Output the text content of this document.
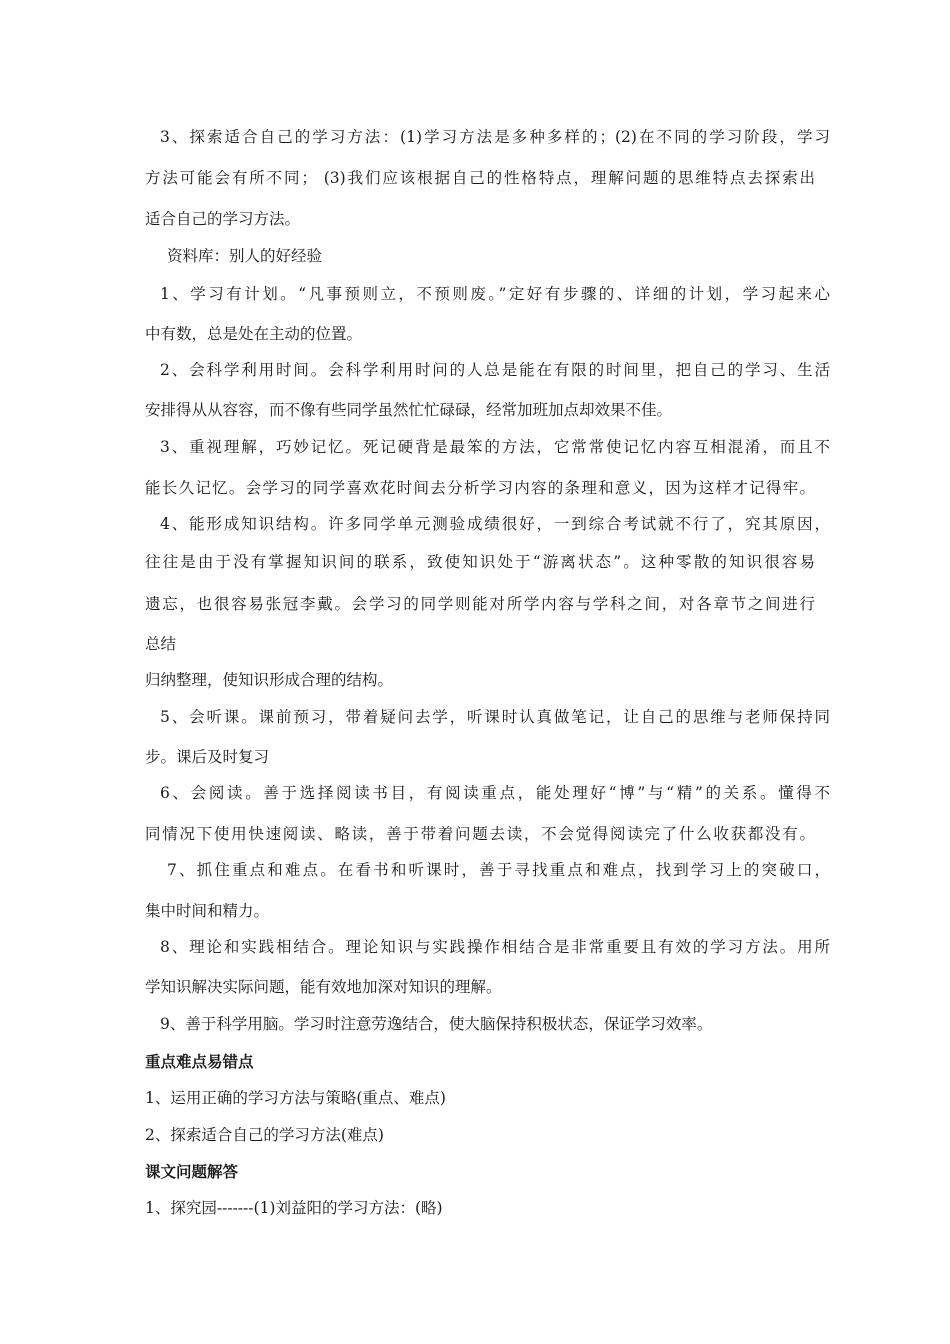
3、探索适合自己的学习方法：(1)学习方法是多种多样的；(2)在不同的学习阶段，学习

方法可能会有所不同； (3)我们应该根据自己的性格特点，理解问题的思维特点去探索出

适合自己的学习方法。

资料库：别人的好经验

1、学习有计划。“凡事预则立，不预则废。”定好有步骤的、详细的计划，学习起来心

中有数，总是处在主动的位置。

2、会科学利用时间。会科学利用时问的人总是能在有限的时间里，把自己的学习、生活

安排得从从容容，而不像有些同学虽然忙忙碌碌，经常加班加点却效果不佳。

3、重视理解，巧妙记忆。死记硬背是最笨的方法，它常常使记忆内容互相混淆，而且不

能长久记忆。会学习的同学喜欢花时间去分析学习内容的条理和意义，因为这样才记得牢。

4、能形成知识结构。许多同学单元测验成绩很好，一到综合考试就不行了，究其原因，

往往是由于没有掌握知识间的联系，致使知识处于“游离状态”。这种零散的知识很容易

遗忘，也很容易张冠李戴。会学习的同学则能对所学内容与学科之间，对各章节之间进行

总结

归纳整理，使知识形成合理的结构。

5、会听课。课前预习，带着疑问去学，听课时认真做笔记，让自己的思维与老师保持同

步。课后及时复习

6、会阅读。善于选择阅读书目，有阅读重点，能处理好“博”与“精”的关系。懂得不

同情况下使用快速阅读、略读，善于带着问题去读，不会觉得阅读完了什么收获都没有。

7、抓住重点和难点。在看书和听课时，善于寻找重点和难点，找到学习上的突破口，

集中时间和精力。

8、理论和实践相结合。理论知识与实践操作相结合是非常重要且有效的学习方法。用所

学知识解决实际问题，能有效地加深对知识的理解。

9、善于科学用脑。学习时注意劳逸结合，使大脑保持积极状态，保证学习效率。

重点难点易错点

1、运用正确的学习方法与策略(重点、难点)

2、探索适合自己的学习方法(难点)

课文问题解答

1、探究园-------(1)刘益阳的学习方法：(略)
